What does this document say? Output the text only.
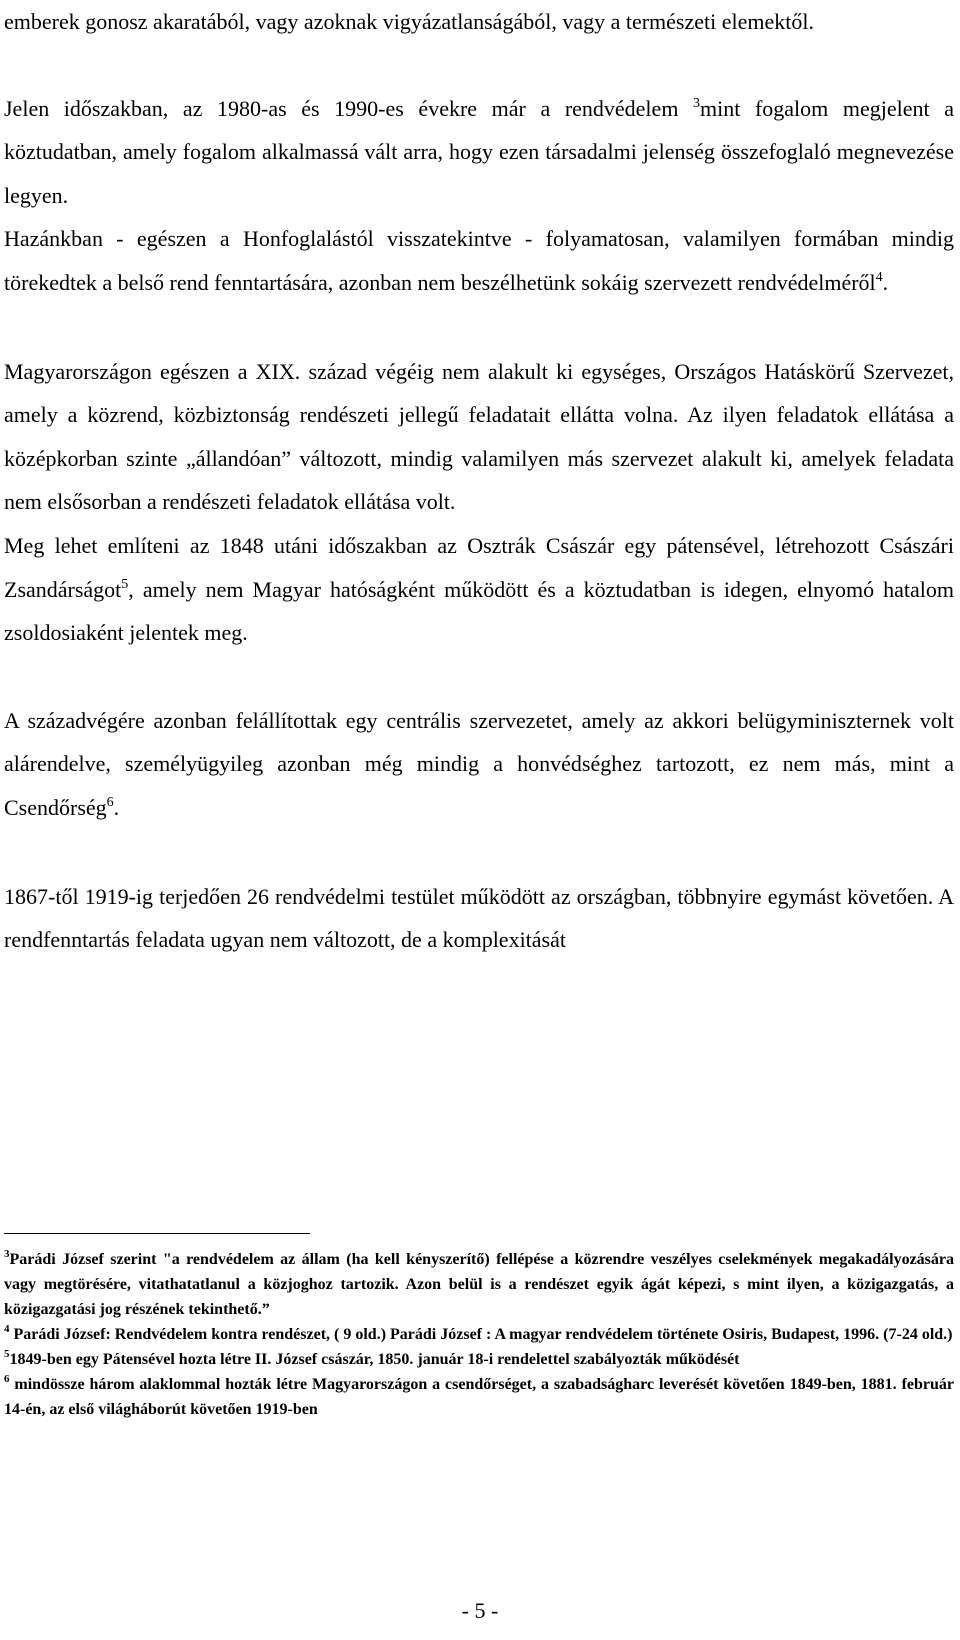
emberek gonosz akaratából, vagy azoknak vigyázatlanságából, vagy a természeti elemektől.

Jelen időszakban, az 1980-as és 1990-es évekre már a rendvédelem $^3$mint fogalom megjelent a köztudatban, amely fogalom alkalmassá vált arra, hogy ezen társadalmi jelenség összefoglaló megnevezése legyen.

Hazánkban - egészen a Honfoglalástól visszatekintve - folyamatosan, valamilyen formában mindig törekedtek a belső rend fenntartására, azonban nem beszélhetünk sokáig szervezett rendvédelméről$^4$.

Magyarországon egészen a XIX. század végéig nem alakult ki egységes, Országos Hatáskörű Szervezet, amely a közrend, közbiztonság rendészeti jellegű feladatait ellátta volna. Az ilyen feladatok ellátása a középkorban szinte „állandóan” változott, mindig valamilyen más szervezet alakult ki, amelyek feladata nem elsősorban a rendészeti feladatok ellátása volt.

Meg lehet említeni az 1848 utáni időszakban az Osztrák Császár egy pátensével, létrehozott Császári Zsandárságot$^5$, amely nem Magyar hatóságként működött és a köztudatban is idegen, elnyomó hatalom zsoldosiaként jelentek meg.

A századvégére azonban felállítottak egy centrális szervezetet, amely az akkori belügyminiszternek volt alárendelve, személyügyileg azonban még mindig a honvédséghez tartozott, ez nem más, mint a Csendőrség$^6$.

1867-től 1919-ig terjedően 26 rendvédelmi testület működött az országban, többnyire egymást követően. A rendfenntartás feladata ugyan nem változott, de a komplexitását

$^3$Parádi József szerint "a rendvédelem az állam (ha kell kényszerítő) fellépése a közrendre veszélyes cselekmények megakadályozására vagy megtörésére, vitathatatlanul a közjoghoz tartozik. Azon belül is a rendészet egyik ágát képezi, s mint ilyen, a közigazgatás, a közigazgatási jog részének tekinthető.”

$^4$ Parádi József: Rendvédelem kontra rendészet, ( 9 old.) Parádi József : A magyar rendvédelem története Osiris, Budapest, 1996. (7-24 old.)

$^5$1849-ben egy Pátensével hozta létre II. József császár, 1850. január 18-i rendelettel szabályozták működését

$^6$ mindössze három alaklommal hozták létre Magyarországon a csendőrséget, a szabadságharc leverését követően 1849-ben, 1881. február 14-én, az első világháborút követően 1919-ben

- 5 -
